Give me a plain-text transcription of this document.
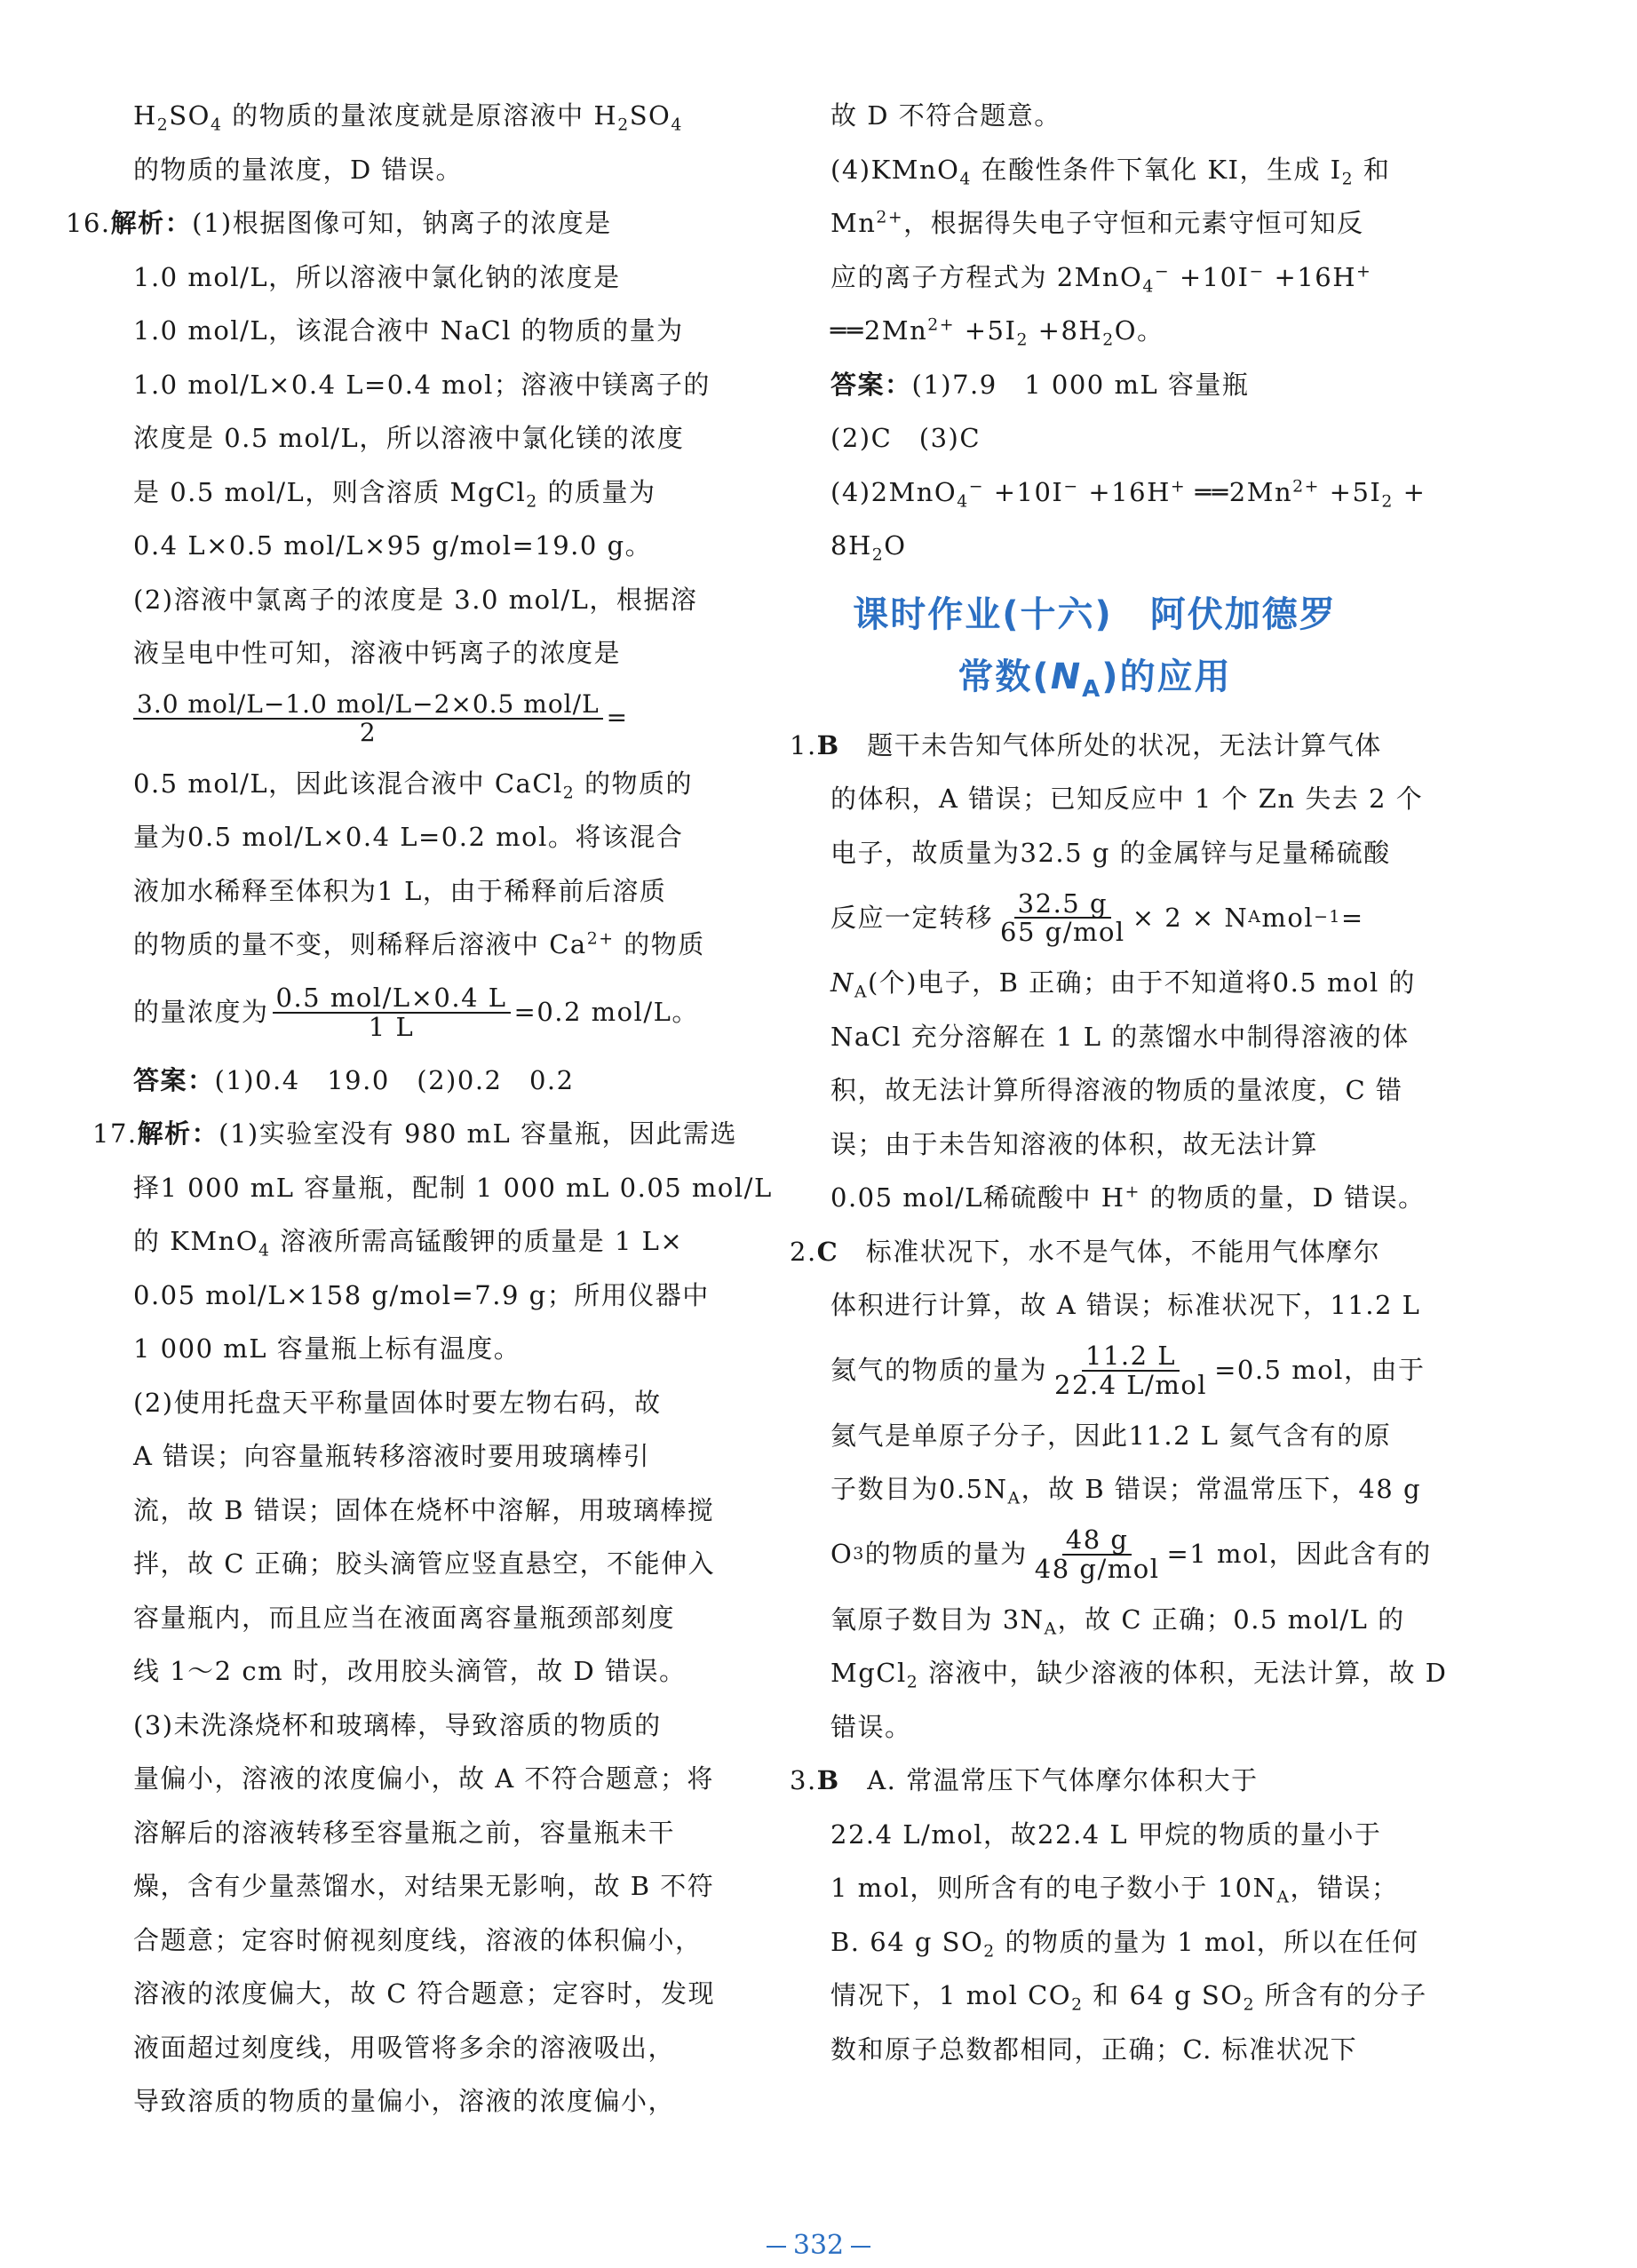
$H_2SO_4$ 的物质的量浓度就是原溶液中 $H_2SO_4$
的物质的量浓度，D 错误。
16.解析：(1)根据图像可知，钠离子的浓度是
1.0 mol/L，所以溶液中氯化钠的浓度是
1.0 mol/L，该混合液中 NaCl 的物质的量为
1.0 mol/L×0.4 L=0.4 mol；溶液中镁离子的
浓度是 0.5 mol/L，所以溶液中氯化镁的浓度
是 0.5 mol/L，则含溶质 MgCl$_2$ 的质量为
0.4 L×0.5 mol/L×95 g/mol=19.0 g。
(2)溶液中氯离子的浓度是 3.0 mol/L，根据溶
液呈电中性可知，溶液中钙离子的浓度是
$\frac{\text{3.0 mol/L−1.0 mol/L−2×0.5 mol/L}}{2}$ =
0.5 mol/L，因此该混合液中 CaCl$_2$ 的物质的
量为0.5 mol/L×0.4 L=0.2 mol。将该混合
液加水稀释至体积为1 L，由于稀释前后溶质
的物质的量不变，则稀释后溶液中 $Ca^{2+}$ 的物质
的量浓度为 $\frac{\text{0.5 mol/L×0.4 L}}{1 L} =0.2$ mol/L。
答案：(1)0.4　19.0　(2)0.2　0.2
17.解析：(1)实验室没有 980 mL 容量瓶，因此需选
择1 000 mL 容量瓶，配制 1 000 mL 0.05 mol/L
的 KMnO$_4$ 溶液所需高锰酸钾的质量是 1 L×
0.05 mol/L×158 g/mol=7.9 g；所用仪器中
1 000 mL 容量瓶上标有温度。
(2)使用托盘天平称量固体时要左物右码，故
A 错误；向容量瓶转移溶液时要用玻璃棒引
流，故 B 错误；固体在烧杯中溶解，用玻璃棒搅
拌，故 C 正确；胶头滴管应竖直悬空，不能伸入
容量瓶内，而且应当在液面离容量瓶颈部刻度
线 1～2 cm 时，改用胶头滴管，故 D 错误。
(3)未洗涤烧杯和玻璃棒，导致溶质的物质的
量偏小，溶液的浓度偏小，故 A 不符合题意；将
溶解后的溶液转移至容量瓶之前，容量瓶未干
燥，含有少量蒸馏水，对结果无影响，故 B 不符
合题意；定容时俯视刻度线，溶液的体积偏小，
溶液的浓度偏大，故 C 符合题意；定容时，发现
液面超过刻度线，用吸管将多余的溶液吸出，
导致溶质的物质的量偏小，溶液的浓度偏小，
故 D 不符合题意。
(4)KMnO$_4$ 在酸性条件下氧化 KI，生成 $I_2$ 和
$Mn^{2+}$，根据得失电子守恒和元素守恒可知反
应的离子方程式为 2MnO$_4$− +10I− +16H+
$══2Mn^{2+} +5I_2 +8H_2O$。
答案：(1)7.9　1 000 mL 容量瓶
(2)C　(3)C
(4)2MnO$_4$− +10I− +16H+ $══2Mn^{2+} +5I_2$ +
$8H_2O$
课时作业(十六)　阿伏加德罗
常数$(N_A)$的应用
1.B　题干未告知气体所处的状况，无法计算气体
的体积，A 错误；已知反应中 1 个 Zn 失去 2 个
电子，故质量为32.5 g 的金属锌与足量稀硫酸
反应一定转移 $\frac{32.5 g}{\text{65 g/mol}} \times 2 \times N$ A mol −1 =
$N_A$(个)电子，B 正确；由于不知道将0.5 mol 的
NaCl 充分溶解在 1 L 的蒸馏水中制得溶液的体
积，故无法计算所得溶液的物质的量浓度，C 错
误；由于未告知溶液的体积，故无法计算
0.05 mol/L稀硫酸中 H+ 的物质的量，D 错误。
2.C　标准状况下，水不是气体，不能用气体摩尔
体积进行计算，故 A 错误；标准状况下，11.2 L
氦气的物质的量为 $\frac{11.2 L}{\text{22.4 L/mol}} =0.5$ mol，由于
氦气是单原子分子，因此11.2 L 氦气含有的原
子数目为$0.5N_A$，故 B 错误；常温常压下，48 g
O 3 的物质的量为 $\frac{48 g}{\text{48 g/mol}} =1$ mol，因此含有的
氧原子数目为 $3N_A$，故 C 正确；0.5 mol/L 的
MgCl$_2$ 溶液中，缺少溶液的体积，无法计算，故 D
错误。
3.B　A. 常温常压下气体摩尔体积大于
22.4 L/mol，故22.4 L 甲烷的物质的量小于
1 mol，则所含有的电子数小于 $10N_A$，错误；
B. 64 g $SO_2$ 的物质的量为 1 mol，所以在任何
情况下，1 mol $CO_2$ 和 64 g $SO_2$ 所含有的分子
数和原子总数都相同，正确；C. 标准状况下
332
